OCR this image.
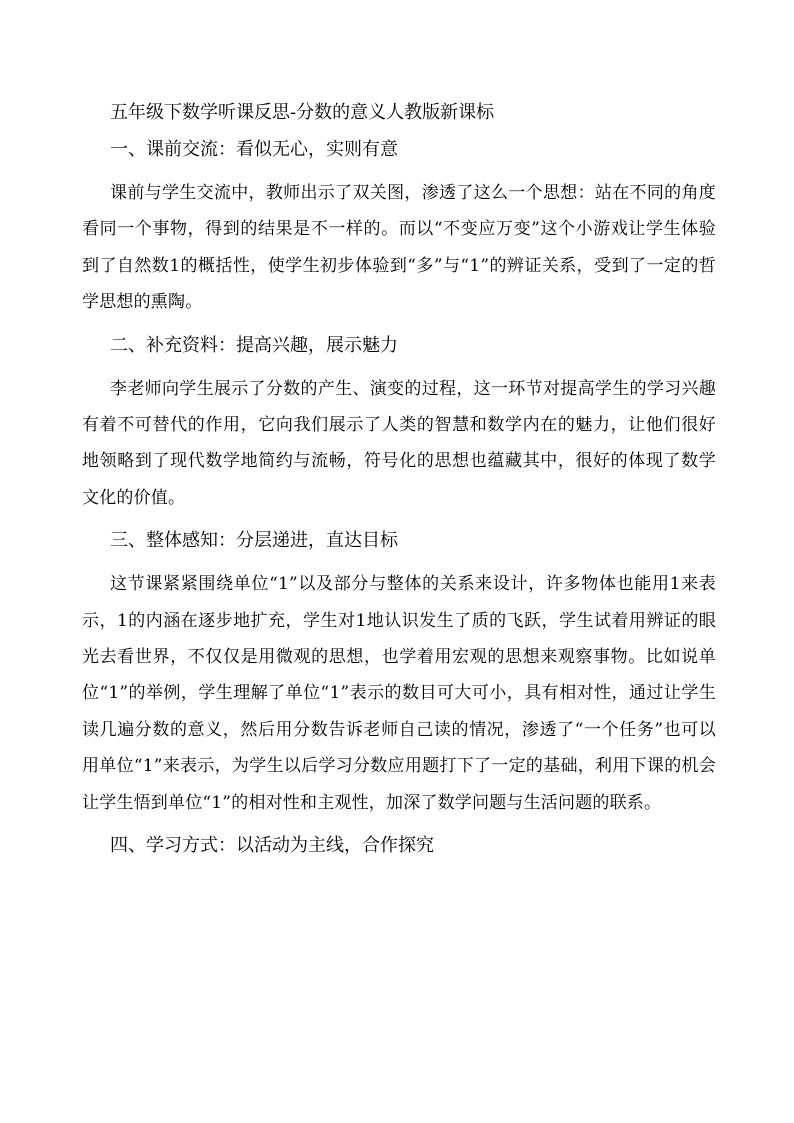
五年级下数学听课反思-分数的意义人教版新课标
一、课前交流：看似无心，实则有意

课前与学生交流中，教师出示了双关图，渗透了这么一个思想：站在不同的角度看同一个事物，得到的结果是不一样的。而以“不变应万变”这个小游戏让学生体验到了自然数1的概括性，使学生初步体验到“多”与“1”的辨证关系，受到了一定的哲学思想的熏陶。

二、补充资料：提高兴趣，展示魅力

李老师向学生展示了分数的产生、演变的过程，这一环节对提高学生的学习兴趣有着不可替代的作用，它向我们展示了人类的智慧和数学内在的魅力，让他们很好地领略到了现代数学地简约与流畅，符号化的思想也蕴藏其中，很好的体现了数学文化的价值。

三、整体感知：分层递进，直达目标

这节课紧紧围绕单位“1”以及部分与整体的关系来设计，许多物体也能用1来表示，1的内涵在逐步地扩充，学生对1地认识发生了质的飞跃，学生试着用辨证的眼光去看世界，不仅仅是用微观的思想，也学着用宏观的思想来观察事物。比如说单位“1”的举例，学生理解了单位“1”表示的数目可大可小，具有相对性，通过让学生读几遍分数的意义，然后用分数告诉老师自己读的情况，渗透了“一个任务”也可以用单位“1”来表示，为学生以后学习分数应用题打下了一定的基础，利用下课的机会让学生悟到单位“1”的相对性和主观性，加深了数学问题与生活问题的联系。

四、学习方式：以活动为主线，合作探究
